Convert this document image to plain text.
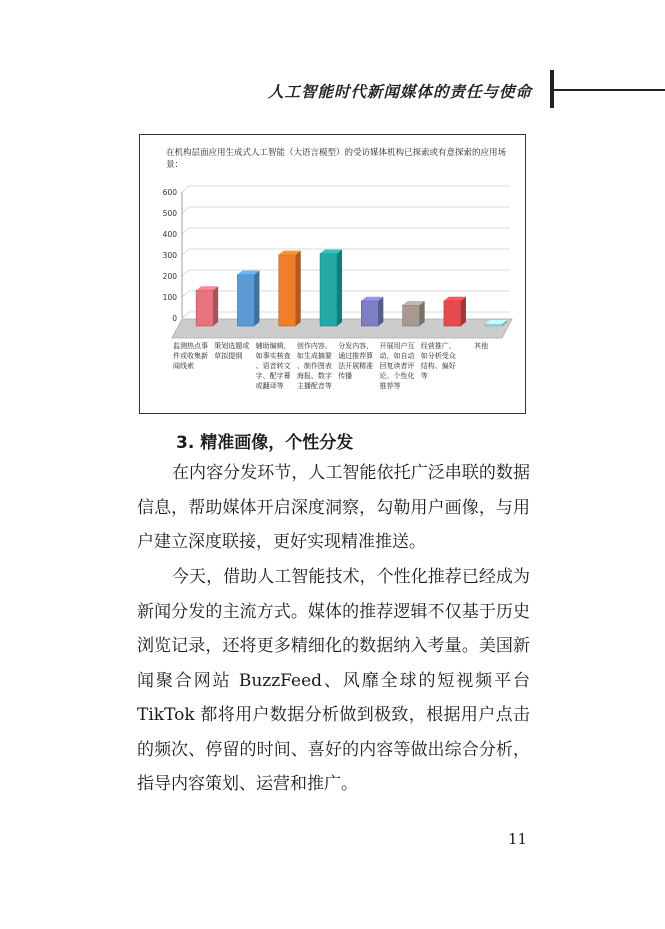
人工智能时代新闻媒体的责任与使命
600
500
400
300
200
100
0
监测热点事
件或收集新
闻线索
策划选题或
草拟提纲
辅助编辑，
如事实核查
、语音转文
字、配字幕
或翻译等
创作内容，
如生成摘要
、制作图表
海报、数字
主播配音等
分发内容，
通过推荐算
法开展精准
传播
开展用户互
动，如自动
回复读者评
论、个性化
推荐等
经营推广，
如分析受众
结构、偏好
等
其他
在机构层面应用生成式人工智能（大语言模型）的受访媒体机构已探索或有意探索的应用场景：
3. 精准画像，个性分发
在内容分发环节，人工智能依托广泛串联的数据信息，帮助媒体开启深度洞察，勾勒用户画像，与用户建立深度联接，更好实现精准推送。
今天，借助人工智能技术，个性化推荐已经成为新闻分发的主流方式。媒体的推荐逻辑不仅基于历史浏览记录，还将更多精细化的数据纳入考量。美国新闻聚合网站 BuzzFeed、风靡全球的短视频平台 TikTok 都将用户数据分析做到极致，根据用户点击的频次、停留的时间、喜好的内容等做出综合分析，指导内容策划、运营和推广。
11
